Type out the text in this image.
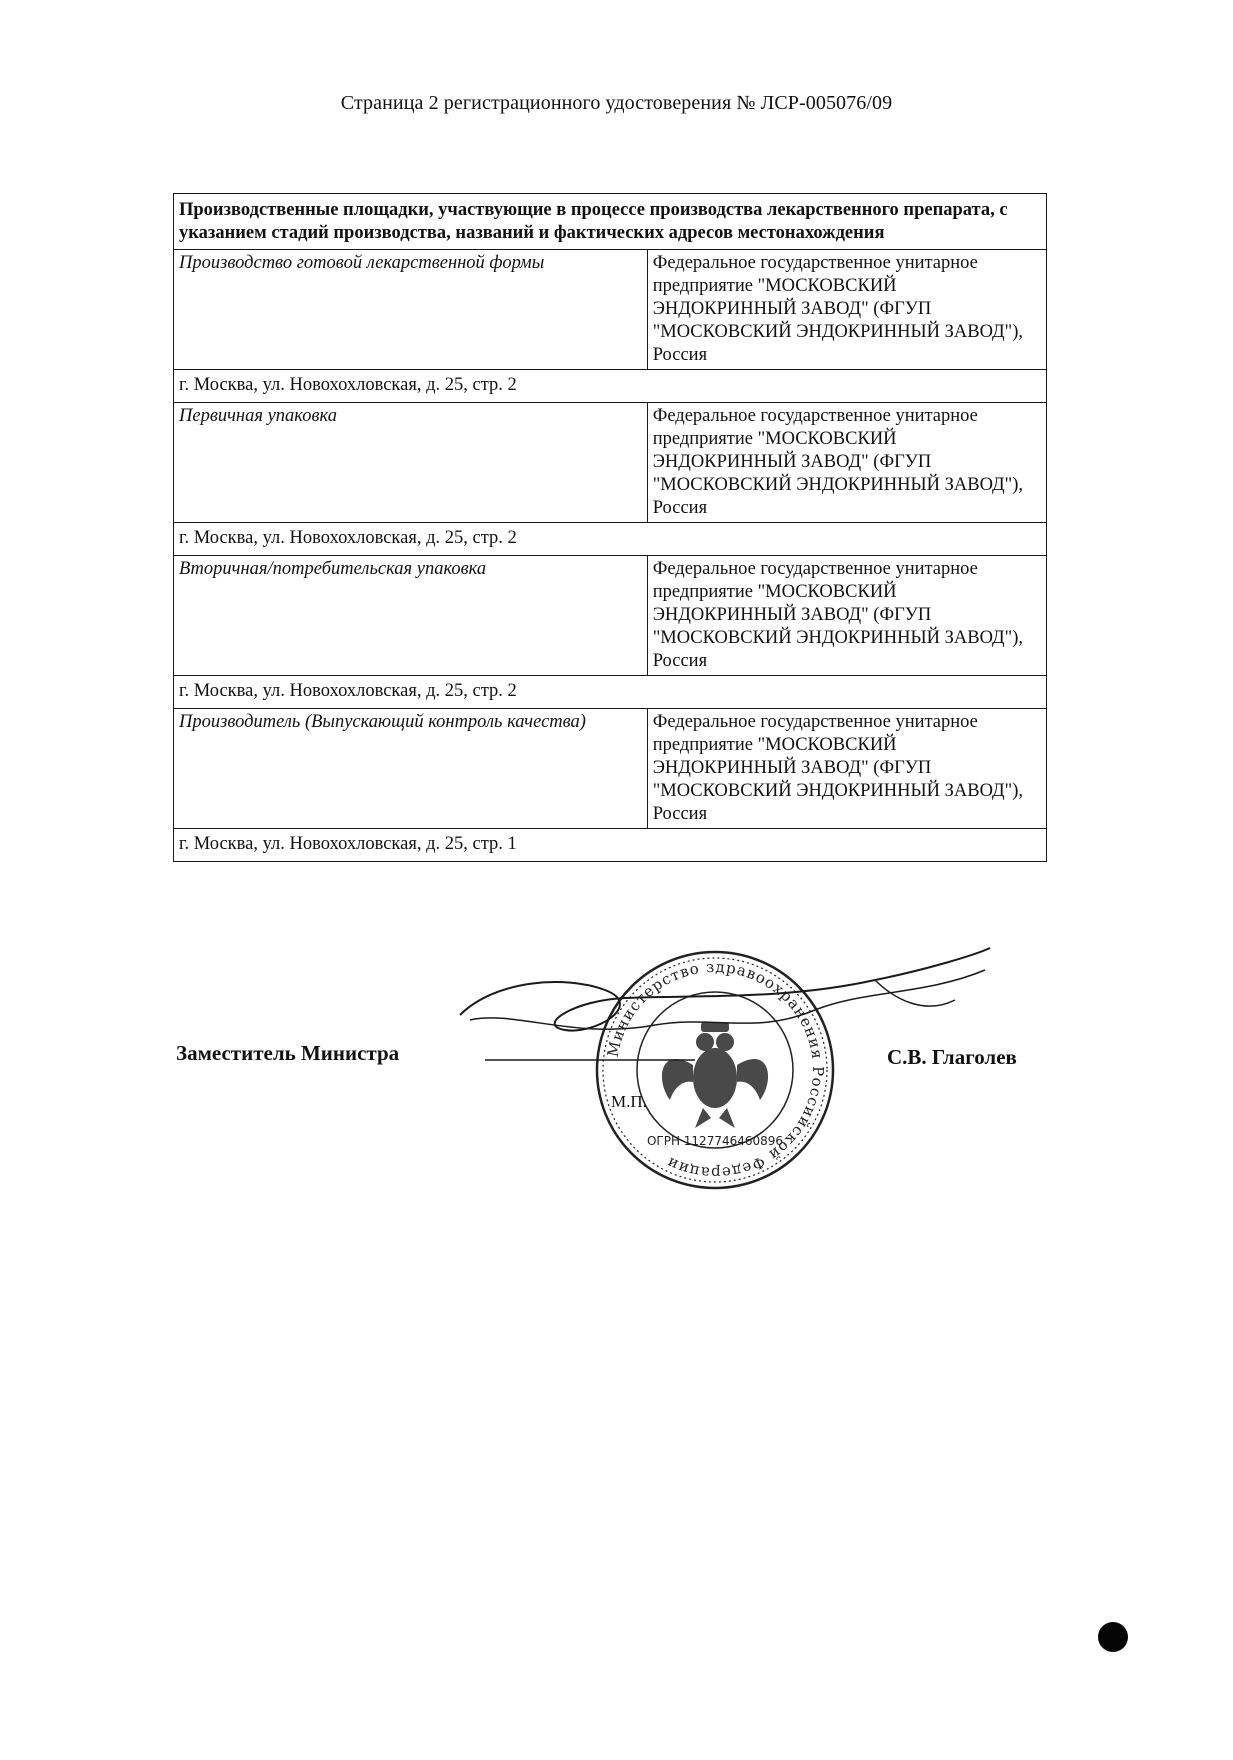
Страница 2 регистрационного удостоверения № ЛСР-005076/09
Производственные площадки, участвующие в процессе производства лекарственного препарата, с указанием стадий производства, названий и фактических адресов местонахождения	
Производство готовой лекарственной формы	Федеральное государственное унитарное предприятие "МОСКОВСКИЙ ЭНДОКРИННЫЙ ЗАВОД" (ФГУП "МОСКОВСКИЙ ЭНДОКРИННЫЙ ЗАВОД"), Россия
г. Москва, ул. Новохохловская, д. 25, стр. 2	
Первичная упаковка	Федеральное государственное унитарное предприятие "МОСКОВСКИЙ ЭНДОКРИННЫЙ ЗАВОД" (ФГУП "МОСКОВСКИЙ ЭНДОКРИННЫЙ ЗАВОД"), Россия
г. Москва, ул. Новохохловская, д. 25, стр. 2	
Вторичная/потребительская упаковка	Федеральное государственное унитарное предприятие "МОСКОВСКИЙ ЭНДОКРИННЫЙ ЗАВОД" (ФГУП "МОСКОВСКИЙ ЭНДОКРИННЫЙ ЗАВОД"), Россия
г. Москва, ул. Новохохловская, д. 25, стр. 2	
Производитель (Выпускающий контроль качества)	Федеральное государственное унитарное предприятие "МОСКОВСКИЙ ЭНДОКРИННЫЙ ЗАВОД" (ФГУП "МОСКОВСКИЙ ЭНДОКРИННЫЙ ЗАВОД"), Россия
г. Москва, ул. Новохохловская, д. 25, стр. 1	
Заместитель Министра	С.В. Глаголев
Министерство здравоохранения Российской Федерации
ОГРН 1127746460896
М.П.
